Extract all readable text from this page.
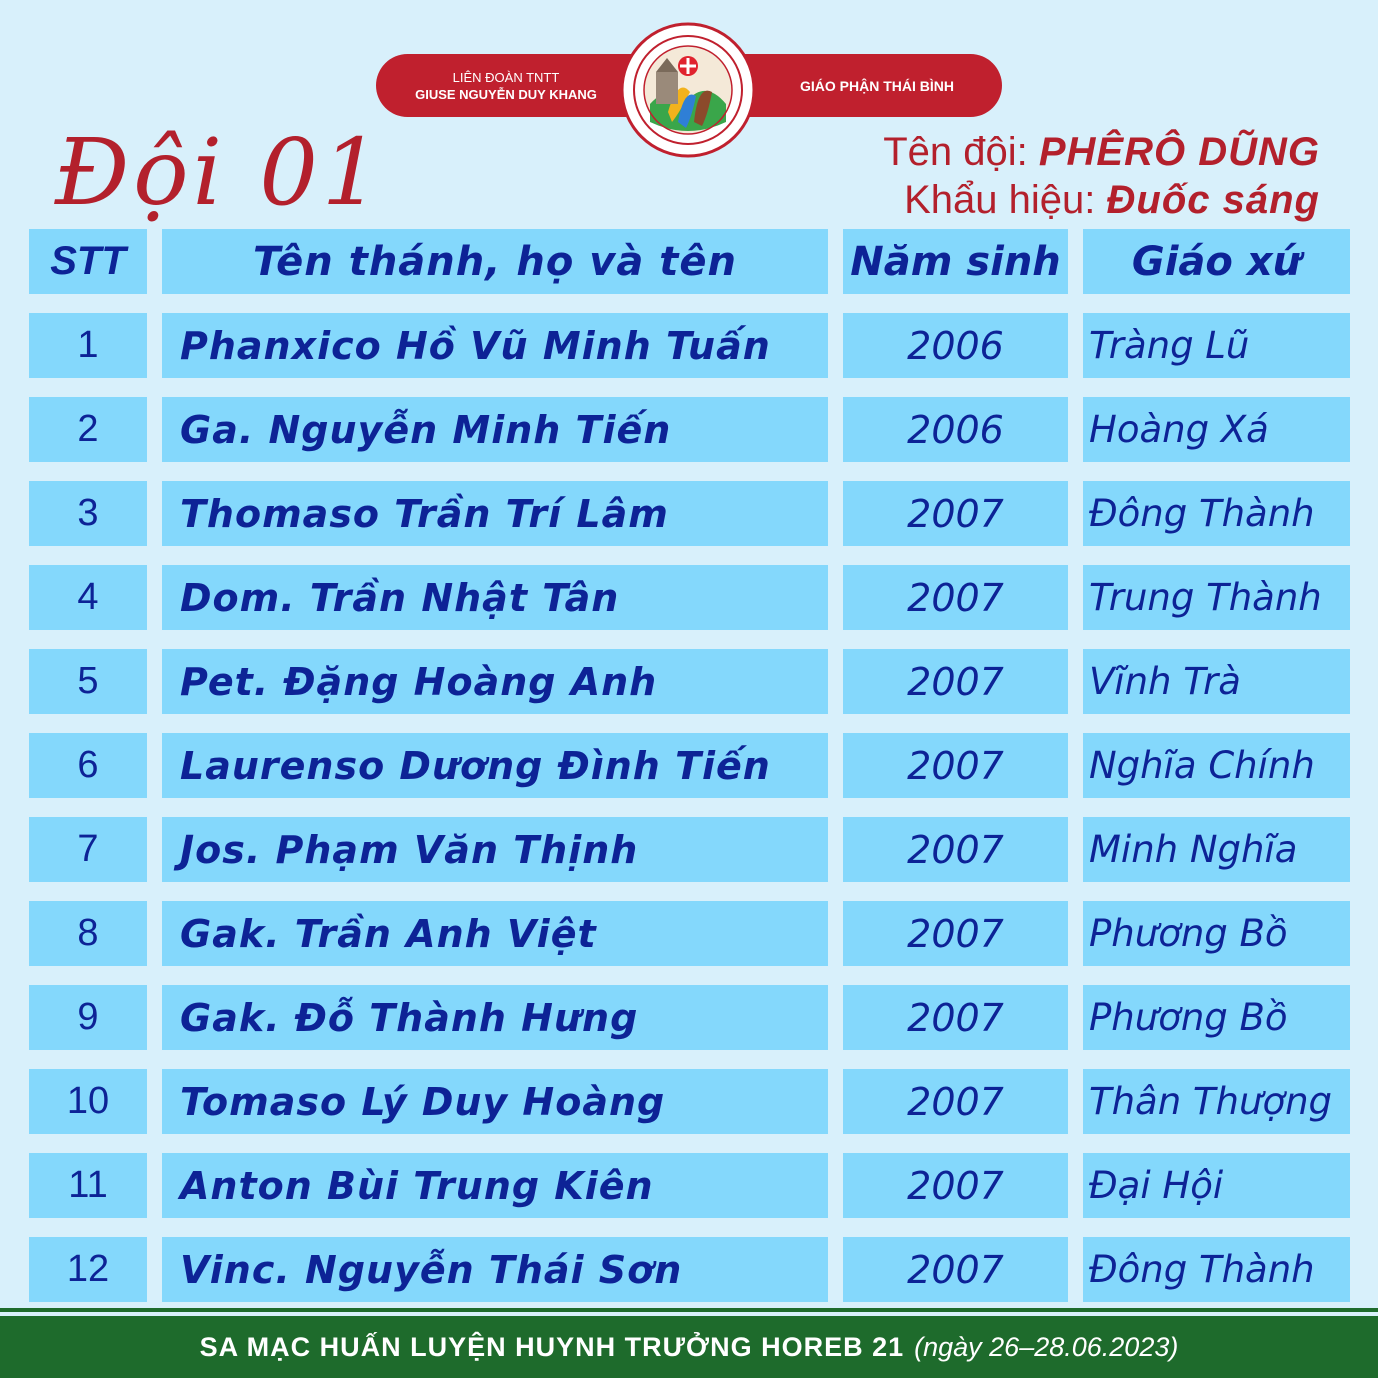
LIÊN ĐOÀN TNTT
GIUSE NGUYỄN DUY KHANG
GIÁO PHẬN THÁI BÌNH
Đội 01	Tên đội: PHÊRÔ DŨNG
Khẩu hiệu: Đuốc sáng
STT	Tên thánh, họ và tên	Năm sinh	Giáo xứ
1	Phanxico Hồ Vũ Minh Tuấn	2006	Tràng Lũ
2	Ga. Nguyễn Minh Tiến	2006	Hoàng Xá
3	Thomaso Trần Trí Lâm	2007	Đông Thành
4	Dom. Trần Nhật Tân	2007	Trung Thành
5	Pet. Đặng Hoàng Anh	2007	Vĩnh Trà
6	Laurenso Dương Đình Tiến	2007	Nghĩa Chính
7	Jos. Phạm Văn Thịnh	2007	Minh Nghĩa
8	Gak. Trần Anh Việt	2007	Phương Bồ
9	Gak. Đỗ Thành Hưng	2007	Phương Bồ
10	Tomaso Lý Duy Hoàng	2007	Thân Thượng
11	Anton Bùi Trung Kiên	2007	Đại Hội
12	Vinc. Nguyễn Thái Sơn	2007	Đông Thành
SA MẠC HUẤN LUYỆN HUYNH TRƯỞNG HOREB 21 (ngày 26–28.06.2023)
